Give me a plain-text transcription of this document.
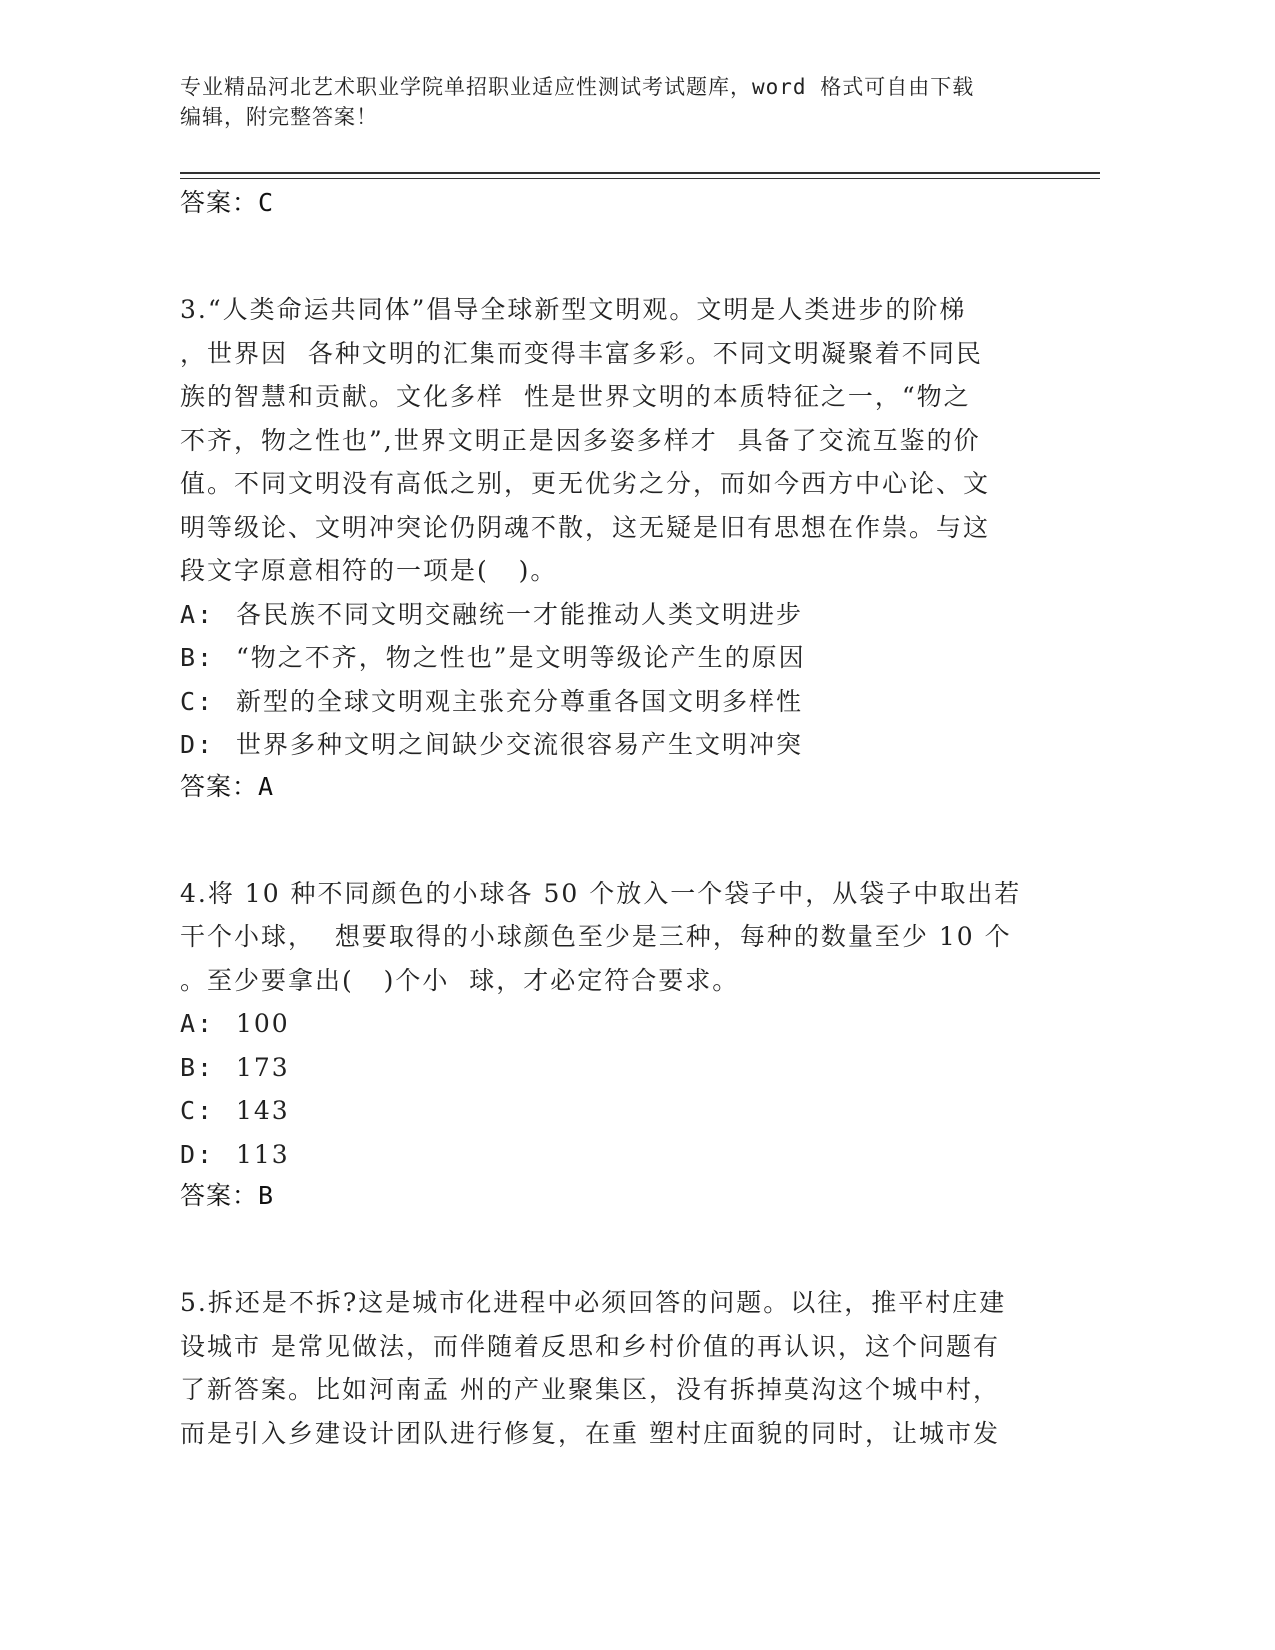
专业精品河北艺术职业学院单招职业适应性测试考试题库，word 格式可自由下载
编辑，附完整答案！
答案：C
3.“人类命运共同体”倡导全球新型文明观。文明是人类进步的阶梯
，世界因  各种文明的汇集而变得丰富多彩。不同文明凝聚着不同民
族的智慧和贡献。文化多样  性是世界文明的本质特征之一，“物之
不齐，物之性也”,世界文明正是因多姿多样才  具备了交流互鉴的价
值。不同文明没有高低之别，更无优劣之分，而如今西方中心论、文
明等级论、文明冲突论仍阴魂不散，这无疑是旧有思想在作祟。与这
段文字原意相符的一项是(   )。
A: 各民族不同文明交融统一才能推动人类文明进步
B: “物之不齐，物之性也”是文明等级论产生的原因
C: 新型的全球文明观主张充分尊重各国文明多样性
D: 世界多种文明之间缺少交流很容易产生文明冲突
答案：A
4.将 10 种不同颜色的小球各 50 个放入一个袋子中，从袋子中取出若
干个小球，  想要取得的小球颜色至少是三种，每种的数量至少 10 个
。至少要拿出(   )个小  球，才必定符合要求。
A: 100
B: 173
C: 143
D: 113
答案：B
5.拆还是不拆?这是城市化进程中必须回答的问题。以往，推平村庄建
设城市 是常见做法，而伴随着反思和乡村价值的再认识，这个问题有
了新答案。比如河南孟 州的产业聚集区，没有拆掉莫沟这个城中村，
而是引入乡建设计团队进行修复，在重 塑村庄面貌的同时，让城市发
